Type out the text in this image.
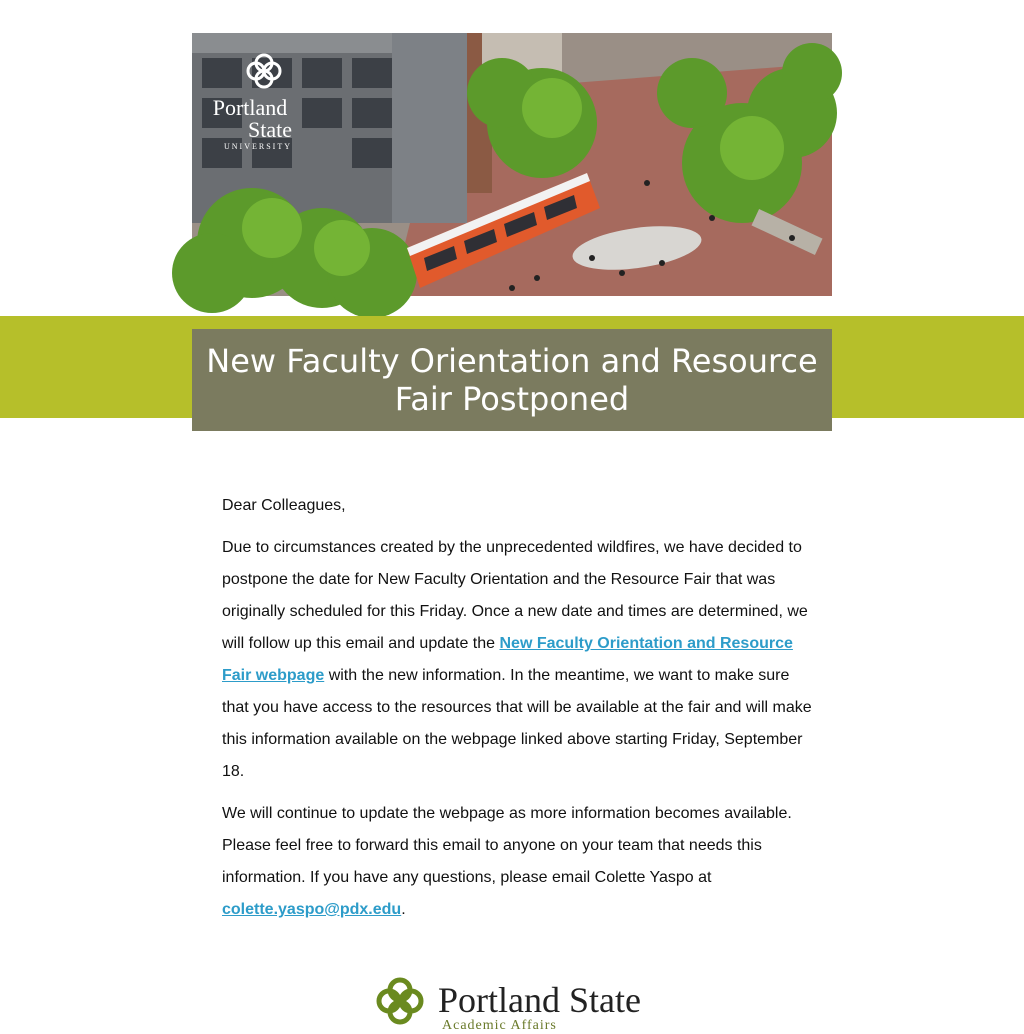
Portland
State
UNIVERSITY
New Faculty Orientation and Resource Fair Postponed

Dear Colleagues,

Due to circumstances created by the unprecedented wildfires, we have decided to postpone the date for New Faculty Orientation and the Resource Fair that was originally scheduled for this Friday. Once a new date and times are determined, we will follow up this email and update the New Faculty Orientation and Resource Fair webpage with the new information. In the meantime, we want to make sure that you have access to the resources that will be available at the fair and will make this information available on the webpage linked above starting Friday, September 18.

We will continue to update the webpage as more information becomes available. Please feel free to forward this email to anyone on your team that needs this information. If you have any questions, please email Colette Yaspo at colette.yaspo@pdx.edu.

Portland State
Academic Affairs
